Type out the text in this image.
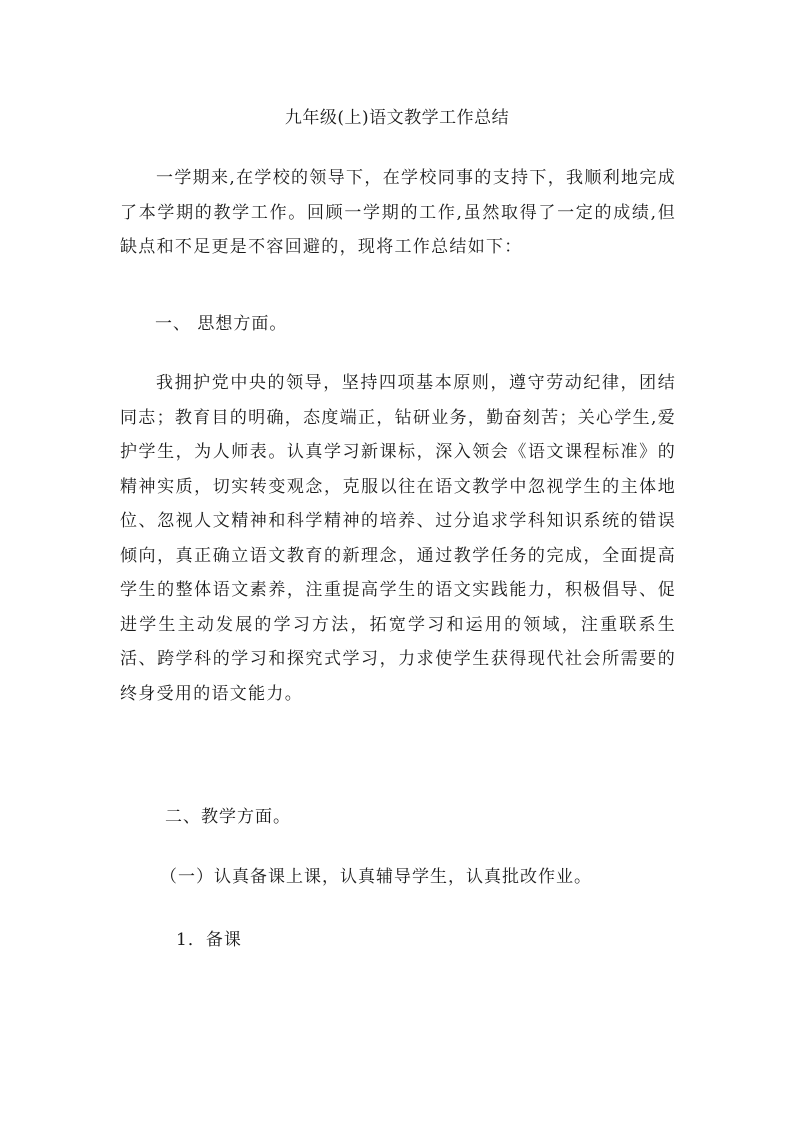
九年级(上)语文教学工作总结

一学期来,在学校的领导下，在学校同事的支持下，我顺利地完成了本学期的教学工作。回顾一学期的工作,虽然取得了一定的成绩,但缺点和不足更是不容回避的，现将工作总结如下：

一、 思想方面。

我拥护党中央的领导，坚持四项基本原则，遵守劳动纪律，团结同志；教育目的明确，态度端正，钻研业务，勤奋刻苦；关心学生,爱护学生，为人师表。认真学习新课标，深入领会《语文课程标准》的精神实质，切实转变观念，克服以往在语文教学中忽视学生的主体地位、忽视人文精神和科学精神的培养、过分追求学科知识系统的错误倾向，真正确立语文教育的新理念，通过教学任务的完成，全面提高学生的整体语文素养，注重提高学生的语文实践能力，积极倡导、促进学生主动发展的学习方法，拓宽学习和运用的领域，注重联系生活、跨学科的学习和探究式学习，力求使学生获得现代社会所需要的终身受用的语文能力。

二、教学方面。

（一）认真备课上课，认真辅导学生，认真批改作业。

1．备课
